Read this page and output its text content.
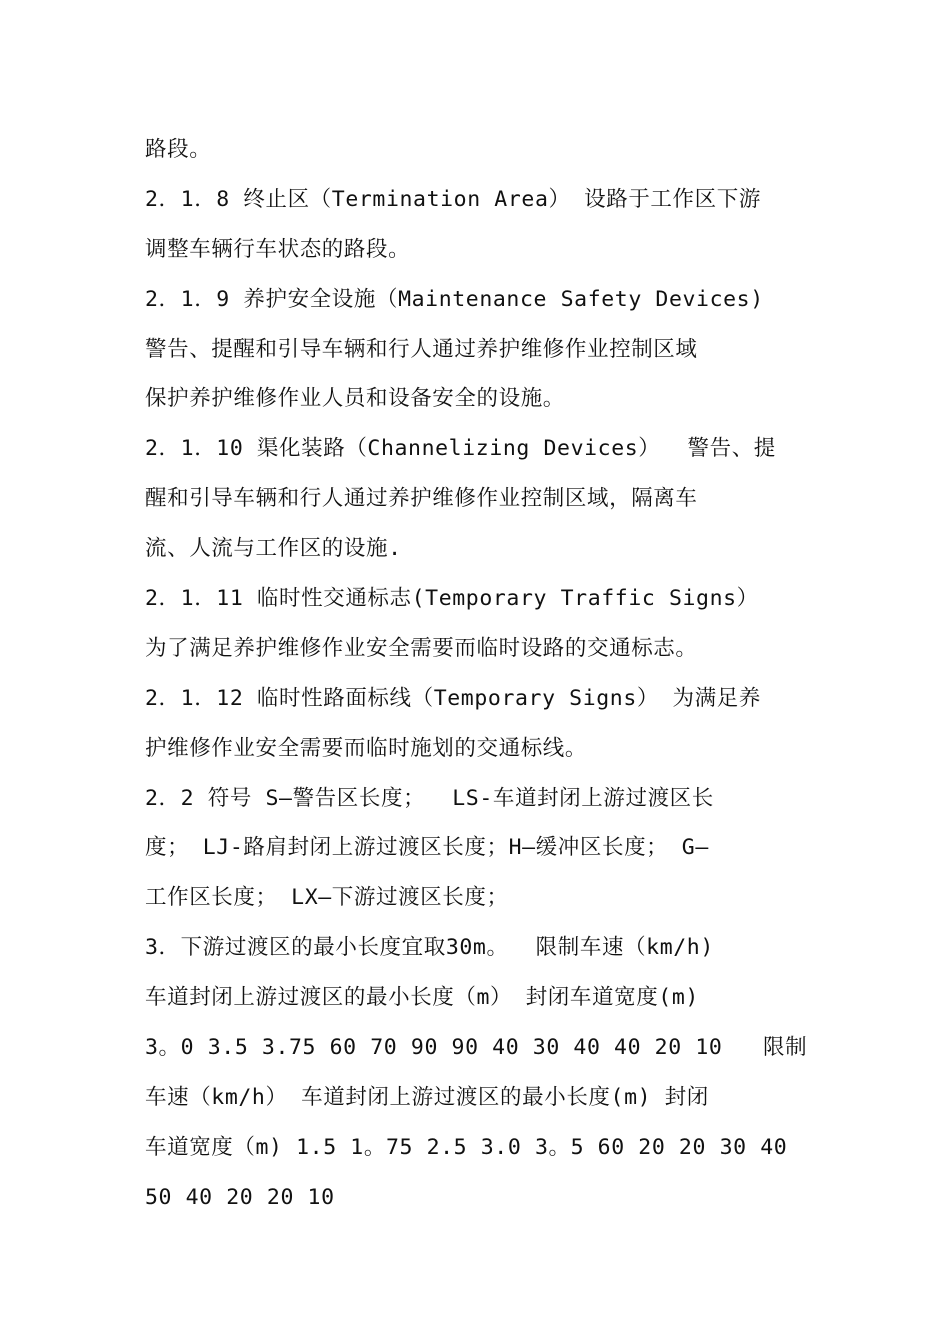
路段。
2．1．8 终止区（Termination Area） 设路于工作区下游
调整车辆行车状态的路段。
2．1．9 养护安全设施（Maintenance Safety Devices)
警告、提醒和引导车辆和行人通过养护维修作业控制区域
保护养护维修作业人员和设备安全的设施。
2．1．10 渠化装路（Channelizing Devices）  警告、提
醒和引导车辆和行人通过养护维修作业控制区域，隔离车
流、人流与工作区的设施.
2．1．11 临时性交通标志(Temporary Traffic Signs）
为了满足养护维修作业安全需要而临时设路的交通标志。
2．1．12 临时性路面标线（Temporary Signs） 为满足养
护维修作业安全需要而临时施划的交通标线。
2．2 符号 S—警告区长度；  LS-车道封闭上游过渡区长
度； LJ-路肩封闭上游过渡区长度；H—缓冲区长度； G—
工作区长度； LX—下游过渡区长度；
3．下游过渡区的最小长度宜取30m。  限制车速（km/h)
车道封闭上游过渡区的最小长度（m） 封闭车道宽度(m)
3。0 3.5 3.75 60 70 90 90 40 30 40 40 20 10   限制
车速（km/h） 车道封闭上游过渡区的最小长度(m) 封闭
车道宽度（m) 1.5 1。75 2.5 3.0 3。5 60 20 20 30 40
50 40 20 20 10
